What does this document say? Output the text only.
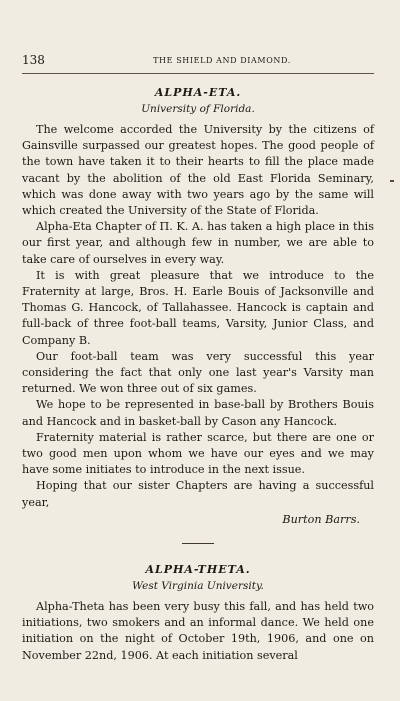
138	THE SHIELD AND DIAMOND.
ALPHA-ETA.
University of Florida.

The welcome accorded the University by the citizens of Gainsville surpassed our greatest hopes. The good people of the town have taken it to their hearts to fill the place made vacant by the abolition of the old East Florida Seminary, which was done away with two years ago by the same will which created the University of the State of Florida.

Alpha-Eta Chapter of Π. K. A. has taken a high place in this our first year, and although few in number, we are able to take care of ourselves in every way.

It is with great pleasure that we introduce to the Fraternity at large, Bros. H. Earle Bouis of Jacksonville and Thomas G. Hancock, of Tallahassee. Hancock is captain and full-back of three foot-ball teams, Varsity, Junior Class, and Company B.

Our foot-ball team was very successful this year considering the fact that only one last year's Varsity man returned. We won three out of six games.

We hope to be represented in base-ball by Brothers Bouis and Hancock and in basket-ball by Cason any Hancock.

Fraternity material is rather scarce, but there are one or two good men upon whom we have our eyes and we may have some initiates to introduce in the next issue.

Hoping that our sister Chapters are having a successful year,

Burton Barrs.

ALPHA-THETA.
West Virginia University.

Alpha-Theta has been very busy this fall, and has held two initiations, two smokers and an informal dance. We held one initiation on the night of October 19th, 1906, and one on November 22nd, 1906. At each initiation several
